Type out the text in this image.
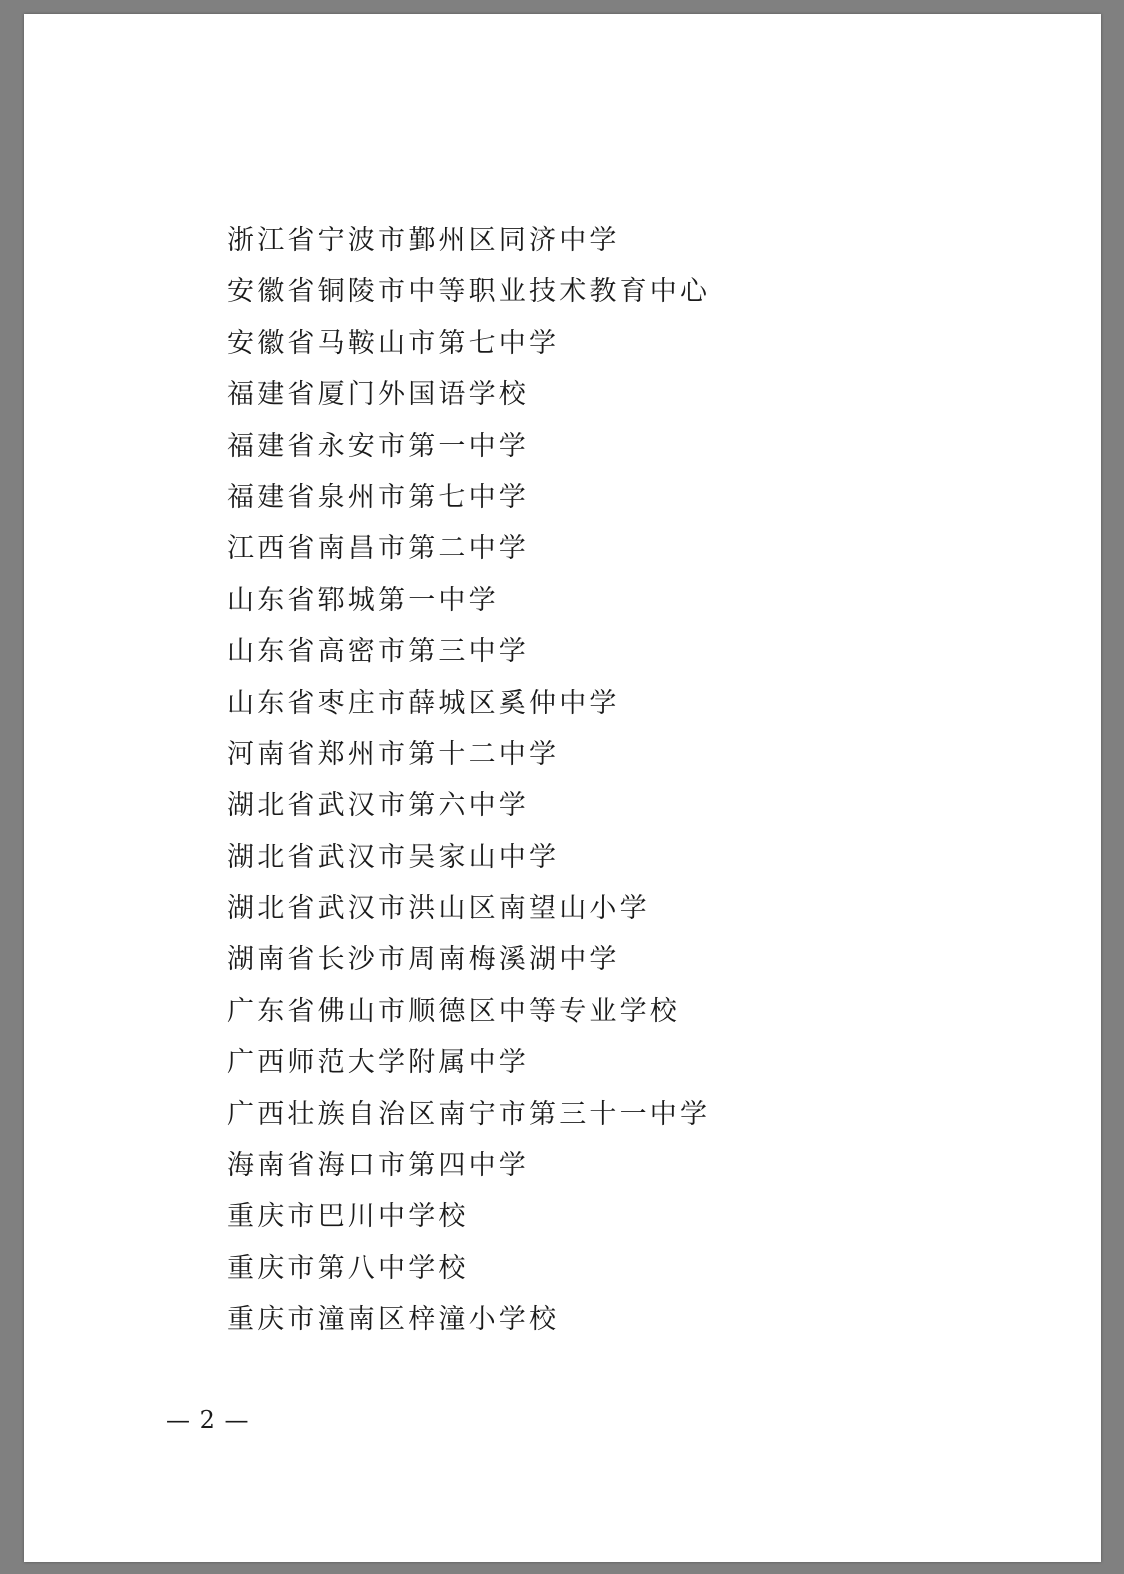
浙江省宁波市鄞州区同济中学
安徽省铜陵市中等职业技术教育中心
安徽省马鞍山市第七中学
福建省厦门外国语学校
福建省永安市第一中学
福建省泉州市第七中学
江西省南昌市第二中学
山东省郓城第一中学
山东省高密市第三中学
山东省枣庄市薛城区奚仲中学
河南省郑州市第十二中学
湖北省武汉市第六中学
湖北省武汉市吴家山中学
湖北省武汉市洪山区南望山小学
湖南省长沙市周南梅溪湖中学
广东省佛山市顺德区中等专业学校
广西师范大学附属中学
广西壮族自治区南宁市第三十一中学
海南省海口市第四中学
重庆市巴川中学校
重庆市第八中学校
重庆市潼南区梓潼小学校
— 2 —
